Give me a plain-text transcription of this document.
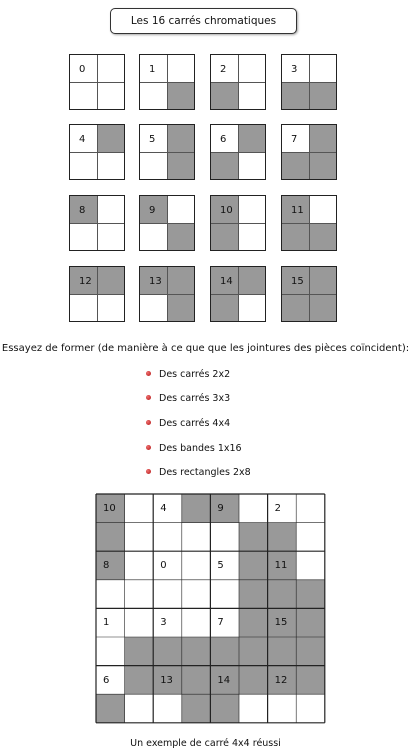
Les 16 carrés chromatiques
0	1	2	3
4	5	6	7
8	9	10	11
12	13	14	15
Essayez de former (de manière à ce que que les jointures des pièces coïncident):
Des carrés 2x2
Des carrés 3x3
Des carrés 4x4
Des bandes 1x16
Des rectangles 2x8
10	4	9	2
8	0	5	11
1	3	7	15
6	13	14	12
Un exemple de carré 4x4 réussi
